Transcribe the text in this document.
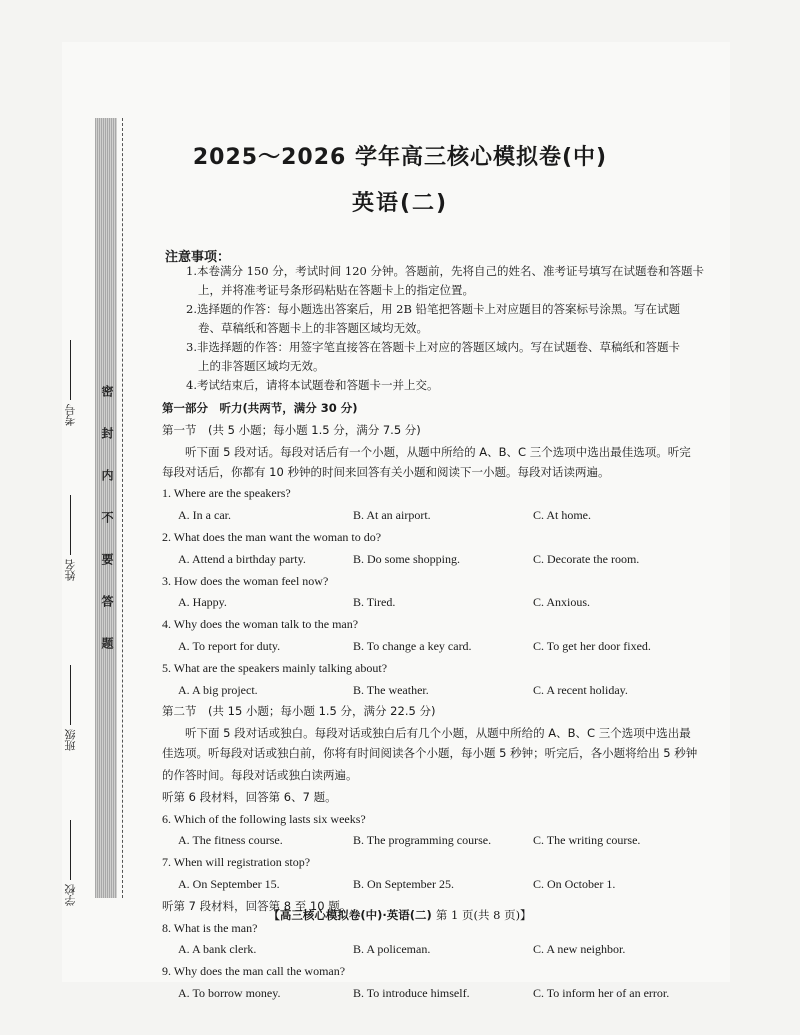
密封内不要答题
学校
班级
姓名
考号
2025～2026 学年高三核心模拟卷(中)
英语(二)
注意事项：

1.本卷满分 150 分，考试时间 120 分钟。答题前，先将自己的姓名、准考证号填写在试题卷和答题卡

上，并将准考证号条形码粘贴在答题卡上的指定位置。

2.选择题的作答：每小题选出答案后，用 2B 铅笔把答题卡上对应题目的答案标号涂黑。写在试题

卷、草稿纸和答题卡上的非答题区域均无效。

3.非选择题的作答：用签字笔直接答在答题卡上对应的答题区域内。写在试题卷、草稿纸和答题卡

上的非答题区域均无效。

4.考试结束后，请将本试题卷和答题卡一并上交。

第一部分　听力(共两节，满分 30 分)

第一节　(共 5 小题；每小题 1.5 分，满分 7.5 分)

听下面 5 段对话。每段对话后有一个小题，从题中所给的 A、B、C 三个选项中选出最佳选项。听完

每段对话后，你都有 10 秒钟的时间来回答有关小题和阅读下一小题。每段对话读两遍。

1. Where are the speakers?

A. In a car.	B. At an airport.	C. At home.

2. What does the man want the woman to do?

A. Attend a birthday party.	B. Do some shopping.	C. Decorate the room.

3. How does the woman feel now?

A. Happy.	B. Tired.	C. Anxious.

4. Why does the woman talk to the man?

A. To report for duty.	B. To change a key card.	C. To get her door fixed.

5. What are the speakers mainly talking about?

A. A big project.	B. The weather.	C. A recent holiday.

第二节　(共 15 小题；每小题 1.5 分，满分 22.5 分)

听下面 5 段对话或独白。每段对话或独白后有几个小题，从题中所给的 A、B、C 三个选项中选出最

佳选项。听每段对话或独白前，你将有时间阅读各个小题，每小题 5 秒钟；听完后，各小题将给出 5 秒钟

的作答时间。每段对话或独白读两遍。

听第 6 段材料，回答第 6、7 题。

6. Which of the following lasts six weeks?

A. The fitness course.	B. The programming course.	C. The writing course.

7. When will registration stop?

A. On September 15.	B. On September 25.	C. On October 1.

听第 7 段材料，回答第 8 至 10 题。

8. What is the man?

A. A bank clerk.	B. A policeman.	C. A new neighbor.

9. Why does the man call the woman?

A. To borrow money.	B. To introduce himself.	C. To inform her of an error.
【高三核心模拟卷(中)·英语(二) 第 1 页(共 8 页)】
